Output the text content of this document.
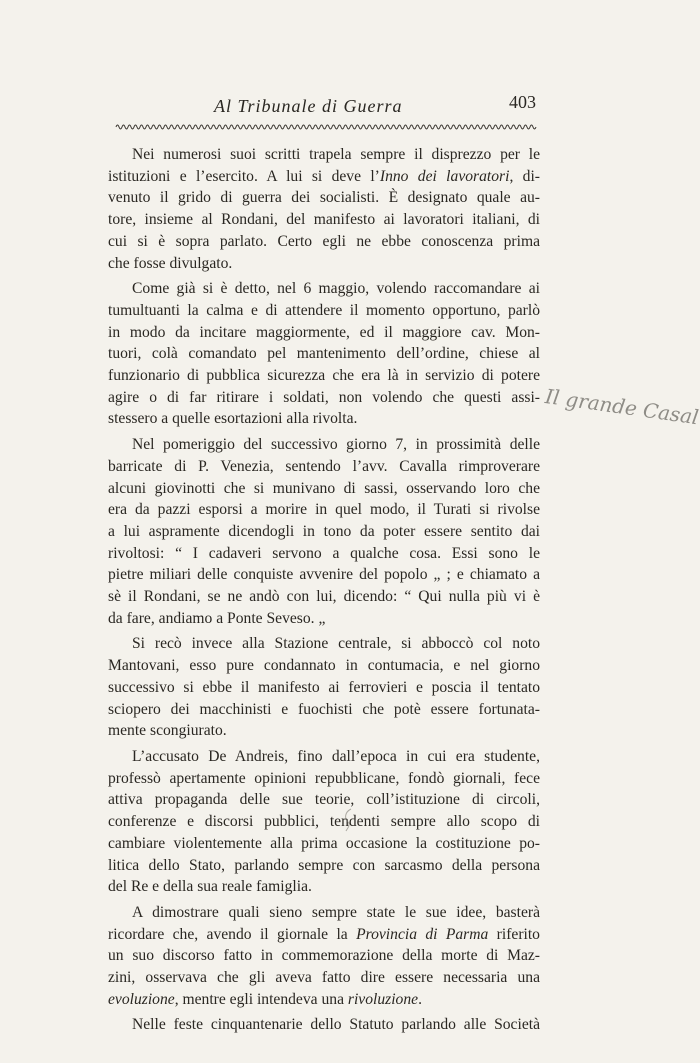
Al Tribunale di Guerra	403

Nei numerosi suoi scritti trapela sempre il disprezzo per le
istituzioni e l’esercito. A lui si deve l’Inno dei lavoratori, di-
venuto il grido di guerra dei socialisti. È designato quale au-
tore, insieme al Rondani, del manifesto ai lavoratori italiani, di
cui si è sopra parlato. Certo egli ne ebbe conoscenza prima
che fosse divulgato.

Come già si è detto, nel 6 maggio, volendo raccomandare ai
tumultuanti la calma e di attendere il momento opportuno, parlò
in modo da incitare maggiormente, ed il maggiore cav. Mon-
tuori, colà comandato pel mantenimento dell’ordine, chiese al
funzionario di pubblica sicurezza che era là in servizio di potere
agire o di far ritirare i soldati, non volendo che questi assi-
stessero a quelle esortazioni alla rivolta.

Nel pomeriggio del successivo giorno 7, in prossimità delle
barricate di P. Venezia, sentendo l’avv. Cavalla rimproverare
alcuni giovinotti che si munivano di sassi, osservando loro che
era da pazzi esporsi a morire in quel modo, il Turati si rivolse
a lui aspramente dicendogli in tono da poter essere sentito dai
rivoltosi: “ I cadaveri servono a qualche cosa. Essi sono le
pietre miliari delle conquiste avvenire del popolo „ ; e chiamato a
sè il Rondani, se ne andò con lui, dicendo: “ Qui nulla più vi è
da fare, andiamo a Ponte Seveso. „

Si recò invece alla Stazione centrale, si abboccò col noto
Mantovani, esso pure condannato in contumacia, e nel giorno
successivo si ebbe il manifesto ai ferrovieri e poscia il tentato
sciopero dei macchinisti e fuochisti che potè essere fortunata-
mente scongiurato.

L’accusato De Andreis, fino dall’epoca in cui era studente,
professò apertamente opinioni repubblicane, fondò giornali, fece
attiva propaganda delle sue teorie, coll’istituzione di circoli,
conferenze e discorsi pubblici, tendenti sempre allo scopo di
cambiare violentemente alla prima occasione la costituzione po-
litica dello Stato, parlando sempre con sarcasmo della persona
del Re e della sua reale famiglia.

A dimostrare quali sieno sempre state le sue idee, basterà
ricordare che, avendo il giornale la Provincia di Parma riferito
un suo discorso fatto in commemorazione della morte di Maz-
zini, osservava che gli aveva fatto dire essere necessaria una
evoluzione, mentre egli intendeva una rivoluzione.

Nelle feste cinquantenarie dello Statuto parlando alle Società

Il grande Casal
